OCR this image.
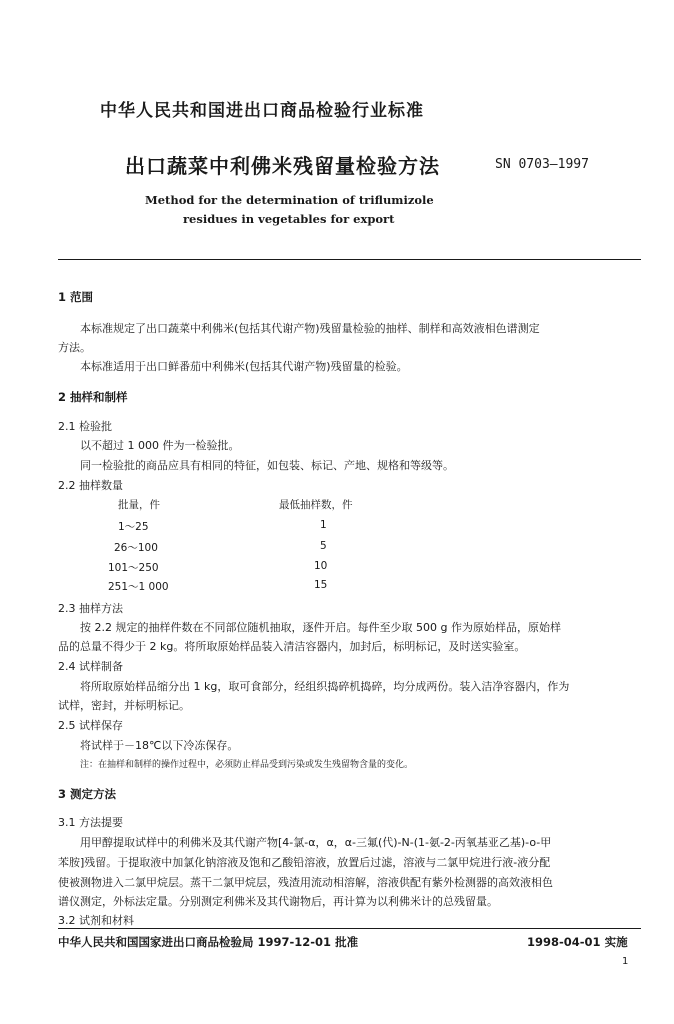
中华人民共和国进出口商品检验行业标准
出口蔬菜中利佛米残留量检验方法	SN 0703—1997
Method for the determination of triflumizole
residues in vegetables for export
1 范围
本标准规定了出口蔬菜中利佛米(包括其代谢产物)残留量检验的抽样、制样和高效液相色谱测定
方法。
本标准适用于出口鲜番茄中利佛米(包括其代谢产物)残留量的检验。
2 抽样和制样
2.1 检验批
以不超过 1 000 件为一检验批。
同一检验批的商品应具有相同的特征，如包装、标记、产地、规格和等级等。
2.2 抽样数量
批量，件	最低抽样数，件
1～25	1
26～100	5
101～250	10
251～1 000	15
2.3 抽样方法
按 2.2 规定的抽样件数在不同部位随机抽取，逐件开启。每件至少取 500 g 作为原始样品，原始样
品的总量不得少于 2 kg。将所取原始样品装入清洁容器内，加封后，标明标记，及时送实验室。
2.4 试样制备
将所取原始样品缩分出 1 kg，取可食部分，经组织捣碎机捣碎，均分成两份。装入洁净容器内，作为
试样，密封，并标明标记。
2.5 试样保存
将试样于－18℃以下冷冻保存。
注：在抽样和制样的操作过程中，必须防止样品受到污染或发生残留物含量的变化。
3 测定方法
3.1 方法提要
用甲醇提取试样中的利佛米及其代谢产物[4-氯-α，α，α-三氟(代)-N-(1-氨-2-丙氧基亚乙基)-o-甲
苯胺]残留。于提取液中加氯化钠溶液及饱和乙酸铅溶液，放置后过滤，溶液与二氯甲烷进行液-液分配
使被测物进入二氯甲烷层。蒸干二氯甲烷层，残渣用流动相溶解，溶液供配有紫外检测器的高效液相色
谱仪测定，外标法定量。分别测定利佛米及其代谢物后，再计算为以利佛米计的总残留量。
3.2 试剂和材料
中华人民共和国国家进出口商品检验局 1997-12-01 批准	1998-04-01 实施
1
